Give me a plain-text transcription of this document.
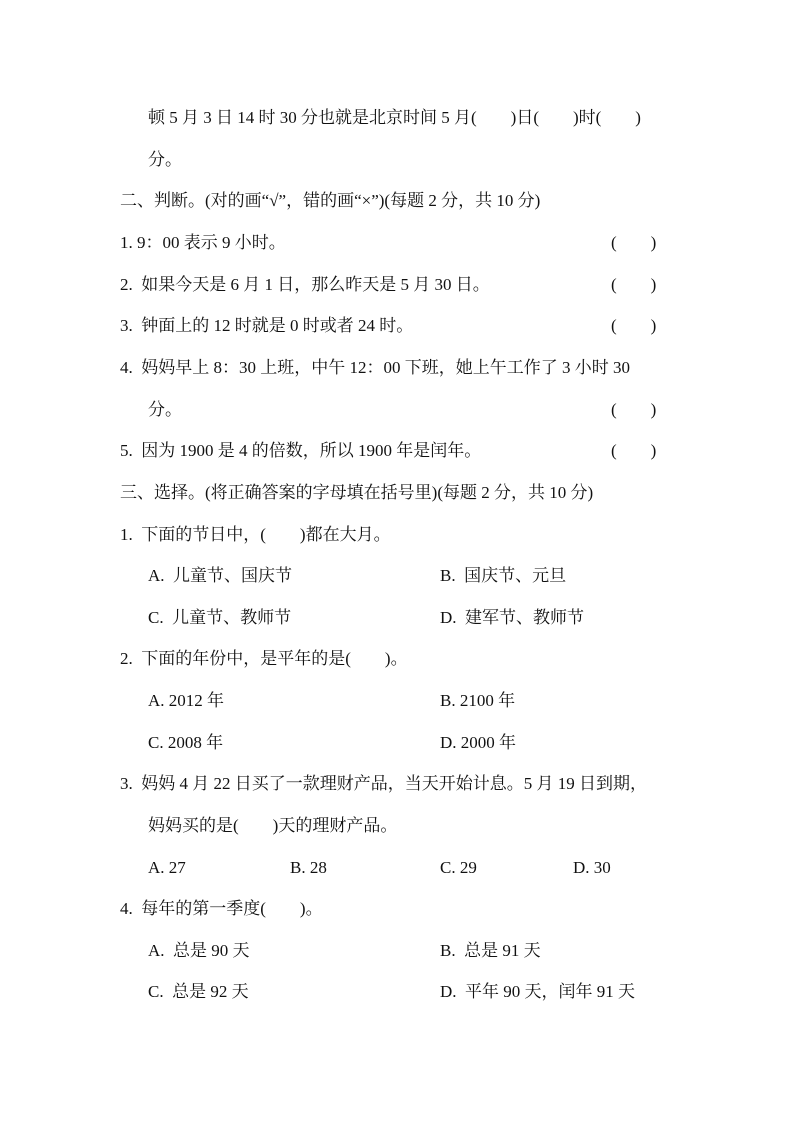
顿 5 月 3 日 14 时 30 分也就是北京时间 5 月(　　)日(　　)时(　　)
分。
二、判断。(对的画“√”，错的画“×”)(每题 2 分，共 10 分)
1. 9：00 表示 9 小时。	(　　)
2.  如果今天是 6 月 1 日，那么昨天是 5 月 30 日。	(　　)
3.  钟面上的 12 时就是 0 时或者 24 时。	(　　)
4.  妈妈早上 8：30 上班，中午 12：00 下班，她上午工作了 3 小时 30
分。	(　　)
5.  因为 1900 是 4 的倍数，所以 1900 年是闰年。	(　　)
三、选择。(将正确答案的字母填在括号里)(每题 2 分，共 10 分)
1.  下面的节日中，(　　)都在大月。
A.  儿童节、国庆节	B.  国庆节、元旦
C.  儿童节、教师节	D.  建军节、教师节
2.  下面的年份中，是平年的是(　　)。
A. 2012 年	B. 2100 年
C. 2008 年	D. 2000 年
3.  妈妈 4 月 22 日买了一款理财产品，当天开始计息。5 月 19 日到期，
妈妈买的是(　　)天的理财产品。
A. 27	B. 28	C. 29	D. 30
4.  每年的第一季度(　　)。
A.  总是 90 天	B.  总是 91 天
C.  总是 92 天	D.  平年 90 天，闰年 91 天
